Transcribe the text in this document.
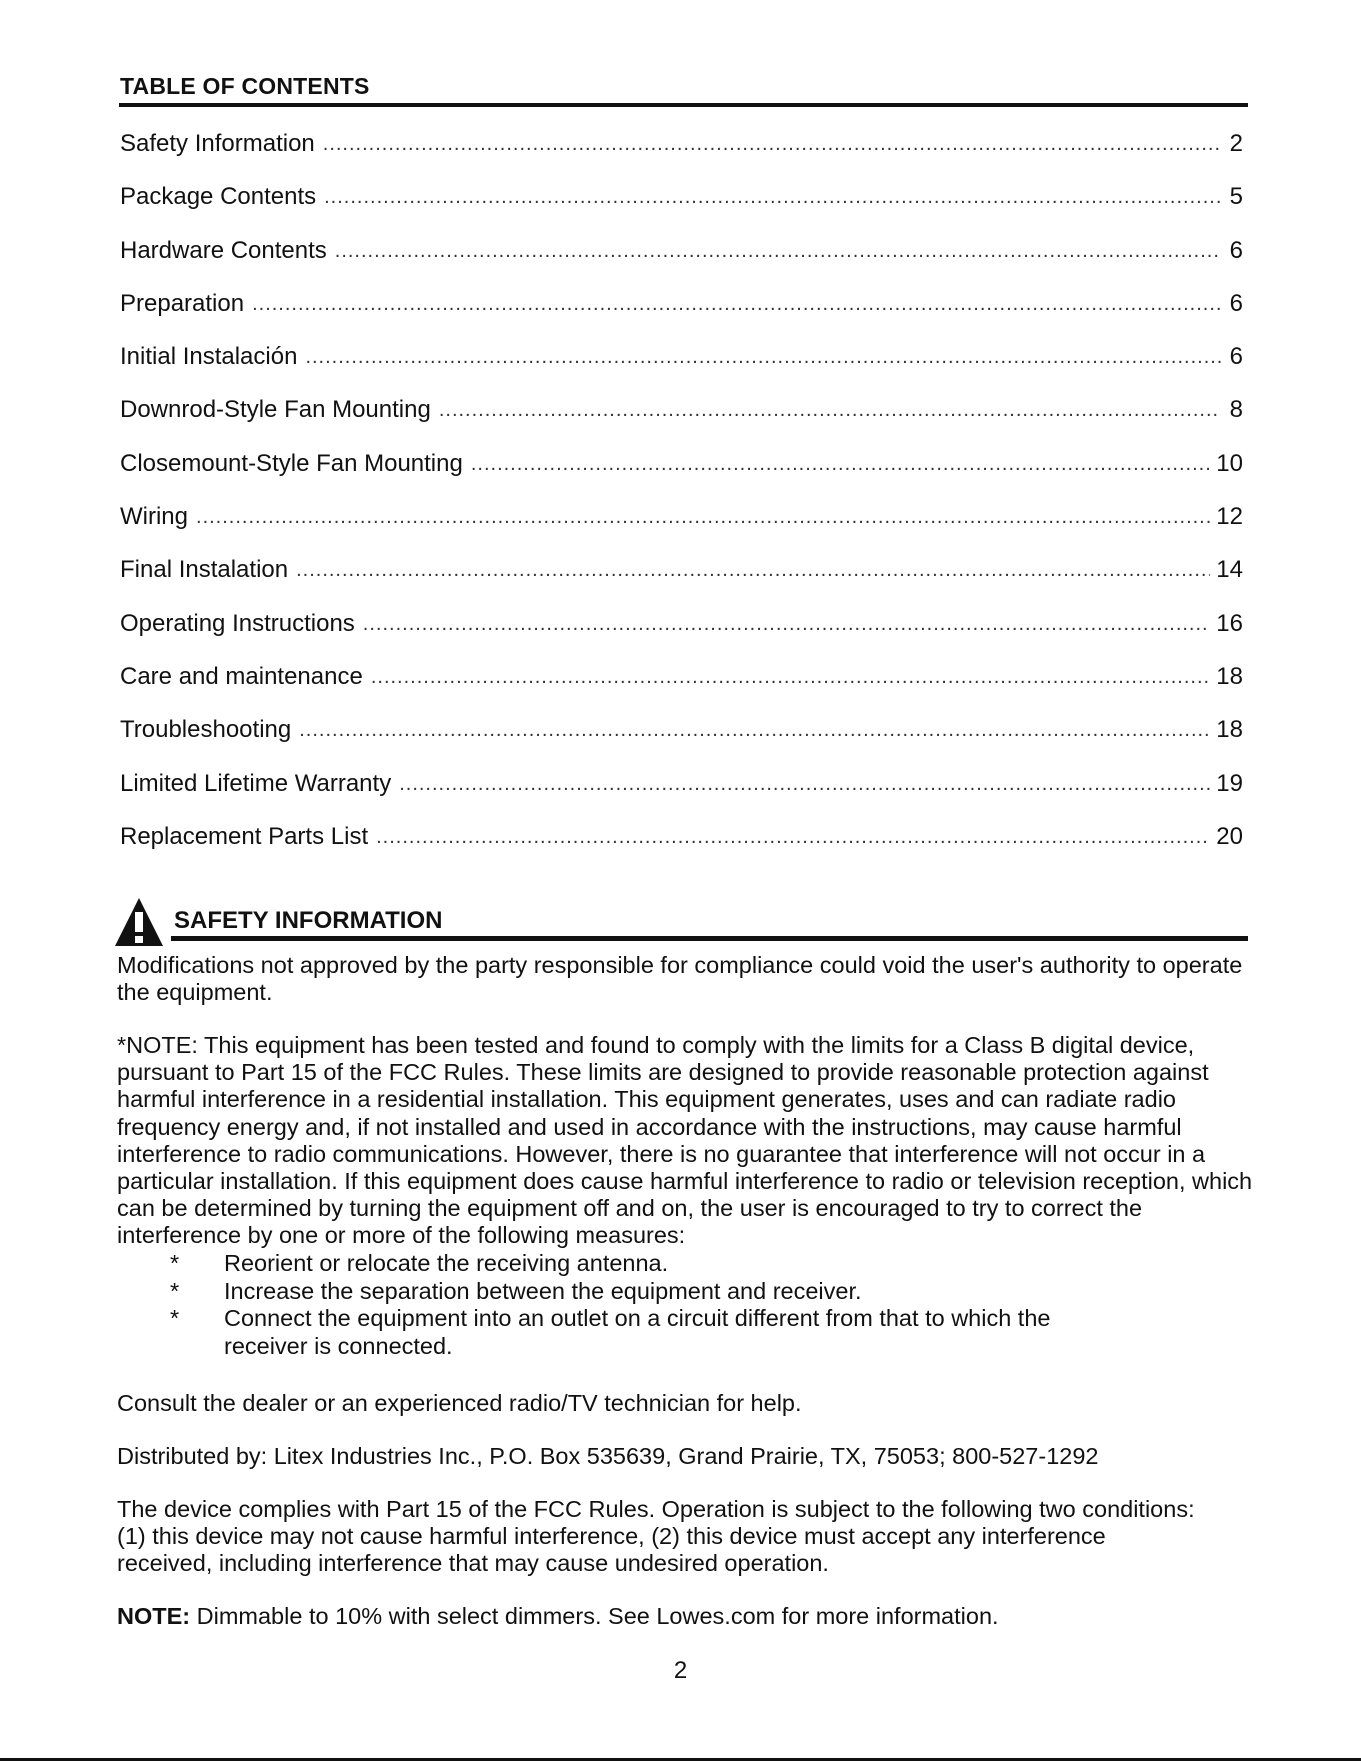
TABLE OF CONTENTS
Safety Information .....	2
Package Contents .....	5
Hardware Contents .....	6
Preparation .....	6
Initial Instalación .....	6
Downrod-Style Fan Mounting .....	8
Closemount-Style Fan Mounting .....	10
Wiring .....	12
Final Instalation .....	14
Operating Instructions .....	16
Care and maintenance .....	18
Troubleshooting .....	18
Limited Lifetime Warranty .....	19
Replacement Parts List .....	20
SAFETY INFORMATION

Modifications not approved by the party responsible for compliance could void the user's authority to operate the equipment.

*NOTE: This equipment has been tested and found to comply with the limits for a Class B digital device, pursuant to Part 15 of the FCC Rules. These limits are designed to provide reasonable protection against harmful interference in a residential installation. This equipment generates, uses and can radiate radio frequency energy and, if not installed and used in accordance with the instructions, may cause harmful interference to radio communications. However, there is no guarantee that interference will not occur in a particular installation. If this equipment does cause harmful interference to radio or television reception, which can be determined by turning the equipment off and on, the user is encouraged to try to correct the interference by one or more of the following measures:

*	Reorient or relocate the receiving antenna.
*	Increase the separation between the equipment and receiver.
*	Connect the equipment into an outlet on a circuit different from that to which the receiver is connected.

Consult the dealer or an experienced radio/TV technician for help.

Distributed by: Litex Industries Inc., P.O. Box 535639, Grand Prairie, TX, 75053; 800-527-1292

The device complies with Part 15 of the FCC Rules. Operation is subject to the following two conditions: (1) this device may not cause harmful interference, (2) this device must accept any interference received, including interference that may cause undesired operation.

NOTE: Dimmable to 10% with select dimmers. See Lowes.com for more information.

2
